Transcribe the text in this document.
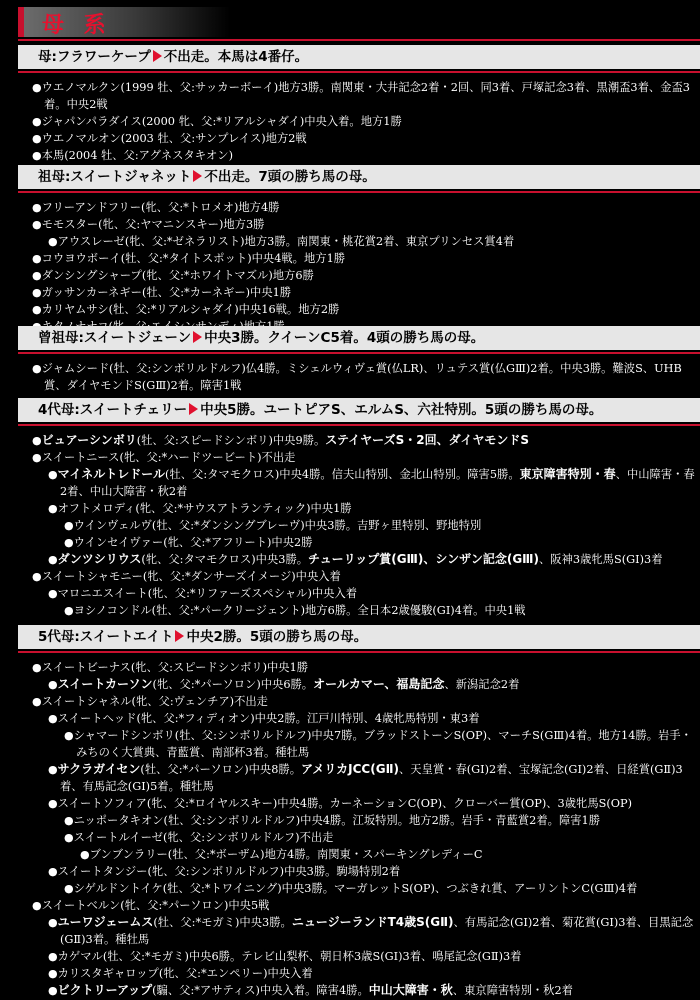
母 系
母:フラワーケープ 不出走。本馬は4番仔。
●ウエノマルクン(1999 牡、父:サッカーボーイ)地方3勝。南関東・大井記念2着・2回、同3着、戸塚記念3着、黒潮盃3着、金盃3着。中央2戦
●ジャパンパラダイス(2000 牝、父:*リアルシャダイ)中央入着。地方1勝
●ウエノマルオン(2003 牡、父:サンプレイス)地方2戦
●本馬(2004 牡、父:アグネスタキオン)
祖母:スイートジャネット 不出走。7頭の勝ち馬の母。
●フリーアンドフリー(牝、父:*トロメオ)地方4勝
●モモスター(牝、父:ヤマニンスキー)地方3勝
●アウスレーゼ(牝、父:*ゼネラリスト)地方3勝。南関東・桃花賞2着、東京プリンセス賞4着
●コウヨウボーイ(牡、父:*タイトスポット)中央4戦。地方1勝
●ダンシングシャープ(牝、父:*ホワイトマズル)地方6勝
●ガッサンカーネギー(牡、父:*カーネギー)中央1勝
●カリヤムサシ(牡、父:*リアルシャダイ)中央16戦。地方2勝
曾祖母:スイートジェーン 中央3勝。クイーンC5着。4頭の勝ち馬の母。
●ジャムシード(牡、父:シンボリルドルフ)仏4勝。ミシェルウィヴェ賞(仏LR)、リュテス賞(仏GⅢ)2着。中央3勝。難波S、UHB賞、ダイヤモンドS(GⅢ)2着。障害1戦
4代母:スイートチェリー 中央5勝。ユートピアS、エルムS、六社特別。5頭の勝ち馬の母。
●ビュアーシンボリ(牡、父:スピードシンボリ)中央9勝。ステイヤーズS・2回、ダイヤモンドS
●スイートニース(牝、父:*ハードツービート)不出走
●マイネルトレドール(牡、父:タマモクロス)中央4勝。信夫山特別、金北山特別。障害5勝。東京障害特別・春、中山障害・春2着、中山大障害・秋2着
●オフトメロディ(牝、父:*サウスアトランティック)中央1勝
●ウインヴェルヴ(牡、父:*ダンシングブレーヴ)中央3勝。吉野ヶ里特別、野地特別
●ウインセイヴァー(牝、父:*アフリート)中央2勝
●ダンツシリウス(牝、父:タマモクロス)中央3勝。チューリップ賞(GⅢ)、シンザン記念(GⅢ)、阪神3歳牝馬S(GI)3着
●スイートシャモニー(牝、父:*ダンサーズイメージ)中央入着
●マロニエスイート(牝、父:*リファーズスペシャル)中央入着
●ヨシノコンドル(牡、父:*パークリージェント)地方6勝。全日本2歳優駿(GI)4着。中央1戦
5代母:スイートエイト 中央2勝。5頭の勝ち馬の母。
●スイートビーナス(牝、父:スピードシンボリ)中央1勝
●スイートカーソン(牝、父:*パーソロン)中央6勝。オールカマー、福島記念、新潟記念2着
●スイートシャネル(牝、父:ヴェンチア)不出走
●スイートヘッド(牝、父:*フィディオン)中央2勝。江戸川特別、4歳牝馬特別・東3着
●シャマードシンボリ(牡、父:シンボリルドルフ)中央7勝。ブラッドストーンS(OP)、マーチS(GⅢ)4着。地方14勝。岩手・みちのく大賞典、青藍賞、南部杯3着。種牡馬
●サクラガイセン(牡、父:*パーソロン)中央8勝。アメリカJCC(GⅡ)、天皇賞・春(GI)2着、宝塚記念(GI)2着、日経賞(GⅡ)3着、有馬記念(GI)5着。種牡馬
●スイートソフィア(牝、父:*ロイヤルスキー)中央4勝。カーネーションC(OP)、クローバー賞(OP)、3歳牝馬S(OP)
●ニッポータキオン(牡、父:シンボリルドルフ)中央4勝。江坂特別。地方2勝。岩手・青藍賞2着。障害1勝
●スイートルイーゼ(牝、父:シンボリルドルフ)不出走
●ブンブンラリー(牡、父:*ボーザム)地方4勝。南関東・スパーキングレディーC
●スイートタンジー(牝、父:シンボリルドルフ)中央3勝。駒場特別2着
●シゲルドントイケ(牡、父:*トワイニング)中央3勝。マーガレットS(OP)、つぶきれ賞、アーリントンC(GⅢ)4着
●スイートベルン(牝、父:*パーソロン)中央5戦
●ユーワジェームス(牡、父:*モガミ)中央3勝。ニュージーランドT4歳S(GⅡ)、有馬記念(GI)2着、菊花賞(GI)3着、目黒記念(GⅡ)3着。種牡馬
●カゲマル(牡、父:*モガミ)中央6勝。テレビ山梨杯、朝日杯3歳S(GI)3着、鳴尾記念(GⅡ)3着
●カリスタギャロップ(牝、父:*エンペリー)中央入着
●ビクトリーアップ(騸、父:*アサティス)中央入着。障害4勝。中山大障害・秋、東京障害特別・秋2着
